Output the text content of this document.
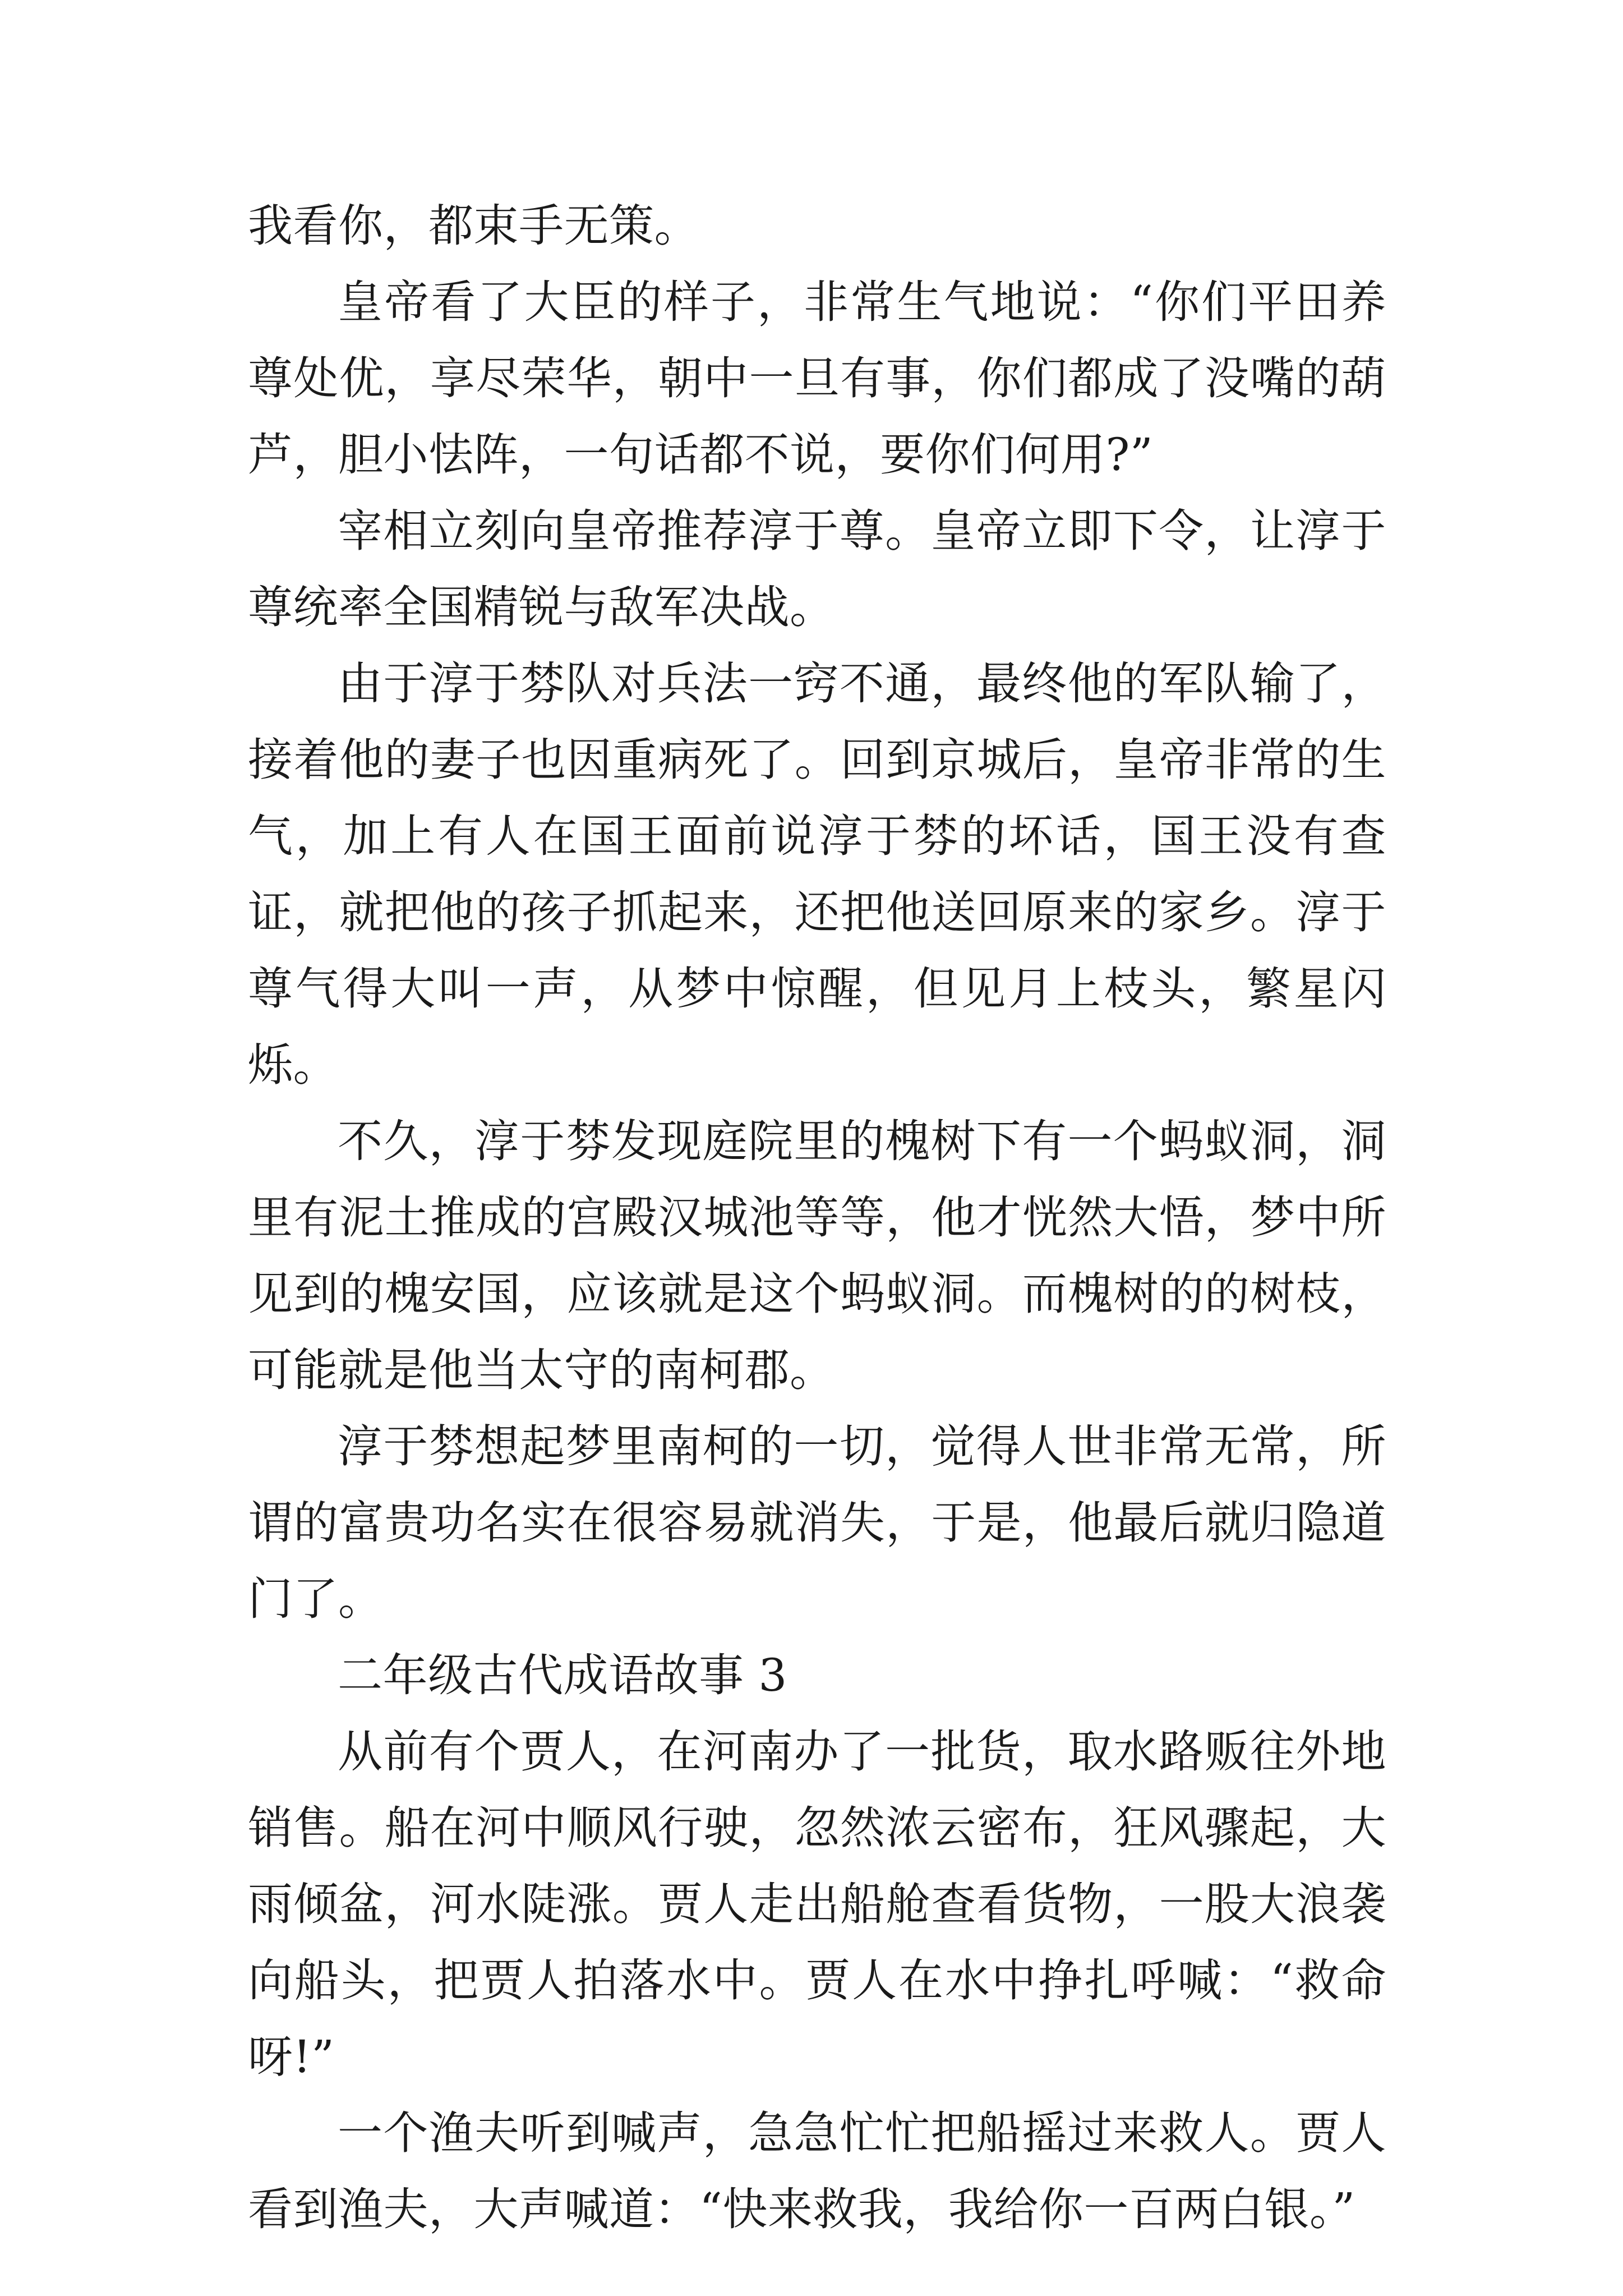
我看你，都束手无策。

皇帝看了大臣的样子，非常生气地说：“你们平田养尊处优，享尽荣华，朝中一旦有事，你们都成了没嘴的葫芦，胆小怯阵，一句话都不说，要你们何用?”

宰相立刻向皇帝推荐淳于尊。皇帝立即下令，让淳于尊统率全国精锐与敌军决战。

由于淳于棼队对兵法一窍不通，最终他的军队输了，接着他的妻子也因重病死了。回到京城后，皇帝非常的生气，加上有人在国王面前说淳于棼的坏话，国王没有查证，就把他的孩子抓起来，还把他送回原来的家乡。淳于尊气得大叫一声，从梦中惊醒，但见月上枝头，繁星闪烁。

不久，淳于棼发现庭院里的槐树下有一个蚂蚁洞，洞里有泥土推成的宫殿汉城池等等，他才恍然大悟，梦中所见到的槐安国，应该就是这个蚂蚁洞。而槐树的的树枝，可能就是他当太守的南柯郡。

淳于棼想起梦里南柯的一切，觉得人世非常无常，所谓的富贵功名实在很容易就消失，于是，他最后就归隐道门了。

二年级古代成语故事 3

从前有个贾人，在河南办了一批货，取水路贩往外地销售。船在河中顺风行驶，忽然浓云密布，狂风骤起，大雨倾盆，河水陡涨。贾人走出船舱查看货物，一股大浪袭向船头，把贾人拍落水中。贾人在水中挣扎呼喊：“救命呀!”

一个渔夫听到喊声，急急忙忙把船摇过来救人。贾人看到渔夫，大声喊道：“快来救我，我给你一百两白银。”
